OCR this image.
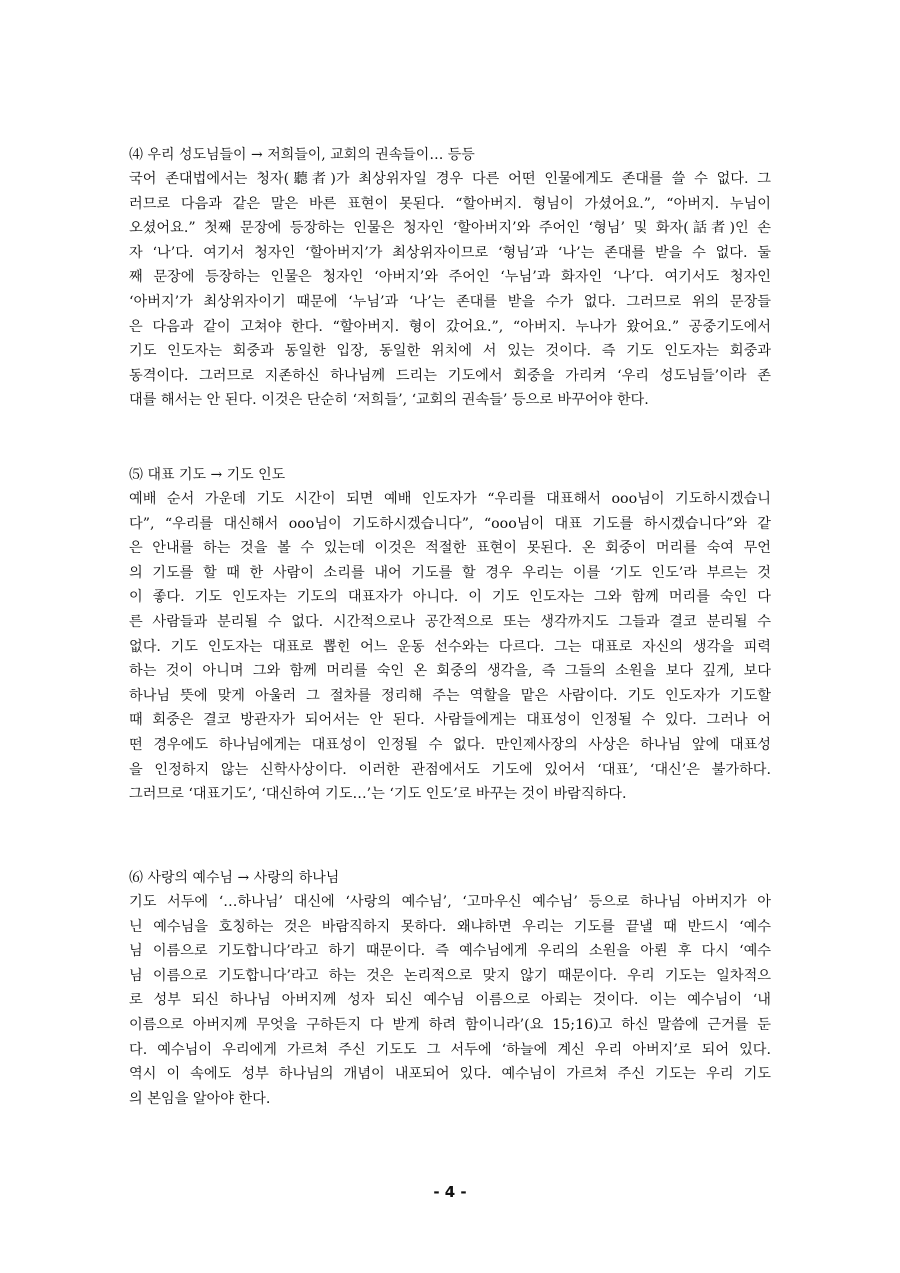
⑷ 우리 성도님들이 → 저희들이, 교회의 권속들이… 등등
국어 존대법에서는 청자(聽者)가 최상위자일 경우 다른 어떤 인물에게도 존대를 쓸 수 없다. 그
러므로 다음과 같은 말은 바른 표현이 못된다. “할아버지. 형님이 가셨어요.”, “아버지. 누님이
오셨어요.” 첫째 문장에 등장하는 인물은 청자인 ‘할아버지’와 주어인 ‘형님’ 및 화자(話者)인 손
자 ‘나’다. 여기서 청자인 ‘할아버지’가 최상위자이므로 ‘형님’과 ‘나’는 존대를 받을 수 없다. 둘
째 문장에 등장하는 인물은 청자인 ‘아버지’와 주어인 ‘누님’과 화자인 ‘나’다. 여기서도 청자인
‘아버지’가 최상위자이기 때문에 ‘누님’과 ‘나’는 존대를 받을 수가 없다. 그러므로 위의 문장들
은 다음과 같이 고쳐야 한다. “할아버지. 형이 갔어요.”, “아버지. 누나가 왔어요.” 공중기도에서
기도 인도자는 회중과 동일한 입장, 동일한 위치에 서 있는 것이다. 즉 기도 인도자는 회중과
동격이다. 그러므로 지존하신 하나님께 드리는 기도에서 회중을 가리켜 ‘우리 성도님들’이라 존
대를 해서는 안 된다. 이것은 단순히 ‘저희들’, ‘교회의 권속들’ 등으로 바꾸어야 한다.
⑸ 대표 기도 → 기도 인도
예배 순서 가운데 기도 시간이 되면 예배 인도자가 “우리를 대표해서 ooo님이 기도하시겠습니
다”, “우리를 대신해서 ooo님이 기도하시겠습니다”, “ooo님이 대표 기도를 하시겠습니다”와 같
은 안내를 하는 것을 볼 수 있는데 이것은 적절한 표현이 못된다. 온 회중이 머리를 숙여 무언
의 기도를 할 때 한 사람이 소리를 내어 기도를 할 경우 우리는 이를 ‘기도 인도’라 부르는 것
이 좋다. 기도 인도자는 기도의 대표자가 아니다. 이 기도 인도자는 그와 함께 머리를 숙인 다
른 사람들과 분리될 수 없다. 시간적으로나 공간적으로 또는 생각까지도 그들과 결코 분리될 수
없다. 기도 인도자는 대표로 뽑힌 어느 운동 선수와는 다르다. 그는 대표로 자신의 생각을 피력
하는 것이 아니며 그와 함께 머리를 숙인 온 회중의 생각을, 즉 그들의 소원을 보다 깊게, 보다
하나님 뜻에 맞게 아울러 그 절차를 정리해 주는 역할을 맡은 사람이다. 기도 인도자가 기도할
때 회중은 결코 방관자가 되어서는 안 된다. 사람들에게는 대표성이 인정될 수 있다. 그러나 어
떤 경우에도 하나님에게는 대표성이 인정될 수 없다. 만인제사장의 사상은 하나님 앞에 대표성
을 인정하지 않는 신학사상이다. 이러한 관점에서도 기도에 있어서 ‘대표’, ‘대신’은 불가하다.
그러므로 ‘대표기도’, ‘대신하여 기도…’는 ‘기도 인도’로 바꾸는 것이 바람직하다.
⑹ 사랑의 예수님 → 사랑의 하나님
기도 서두에 ‘…하나님’ 대신에 ‘사랑의 예수님’, ‘고마우신 예수님’ 등으로 하나님 아버지가 아
닌 예수님을 호칭하는 것은 바람직하지 못하다. 왜냐하면 우리는 기도를 끝낼 때 반드시 ‘예수
님 이름으로 기도합니다’라고 하기 때문이다. 즉 예수님에게 우리의 소원을 아뢴 후 다시 ‘예수
님 이름으로 기도합니다’라고 하는 것은 논리적으로 맞지 않기 때문이다. 우리 기도는 일차적으
로 성부 되신 하나님 아버지께 성자 되신 예수님 이름으로 아뢰는 것이다. 이는 예수님이 ‘내
이름으로 아버지께 무엇을 구하든지 다 받게 하려 함이니라’(요 15;16)고 하신 말씀에 근거를 둔
다. 예수님이 우리에게 가르쳐 주신 기도도 그 서두에 ‘하늘에 계신 우리 아버지’로 되어 있다.
역시 이 속에도 성부 하나님의 개념이 내포되어 있다. 예수님이 가르쳐 주신 기도는 우리 기도
의 본임을 알아야 한다.
- 4 -
